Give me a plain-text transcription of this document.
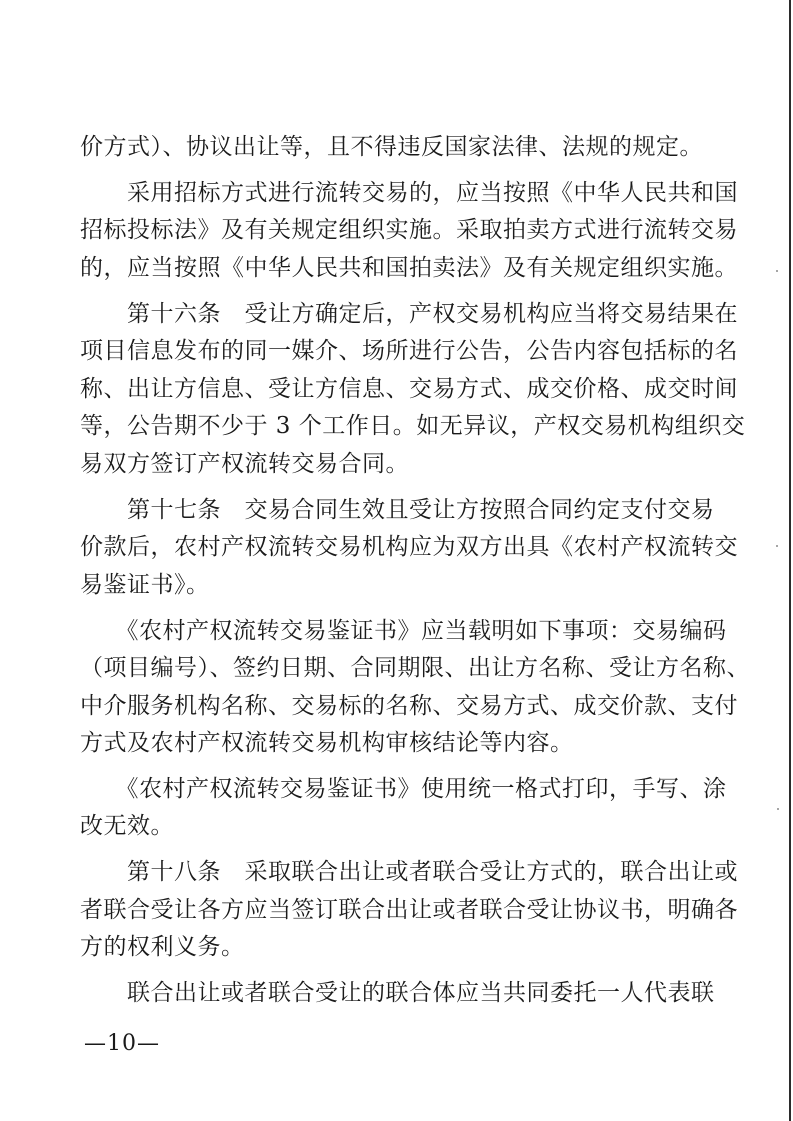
价方式）、协议出让等，且不得违反国家法律、法规的规定。
　　采用招标方式进行流转交易的，应当按照《中华人民共和国
招标投标法》及有关规定组织实施。采取拍卖方式进行流转交易
的，应当按照《中华人民共和国拍卖法》及有关规定组织实施。
　　第十六条　受让方确定后，产权交易机构应当将交易结果在
项目信息发布的同一媒介、场所进行公告，公告内容包括标的名
称、出让方信息、受让方信息、交易方式、成交价格、成交时间
等，公告期不少于 3 个工作日。如无异议，产权交易机构组织交
易双方签订产权流转交易合同。
　　第十七条　交易合同生效且受让方按照合同约定支付交易
价款后，农村产权流转交易机构应为双方出具《农村产权流转交
易鉴证书》。
　　《农村产权流转交易鉴证书》应当载明如下事项：交易编码
（项目编号）、签约日期、合同期限、出让方名称、受让方名称、
中介服务机构名称、交易标的名称、交易方式、成交价款、支付
方式及农村产权流转交易机构审核结论等内容。
　　《农村产权流转交易鉴证书》使用统一格式打印，手写、涂
改无效。
　　第十八条　采取联合出让或者联合受让方式的，联合出让或
者联合受让各方应当签订联合出让或者联合受让协议书，明确各
方的权利义务。
　　联合出让或者联合受让的联合体应当共同委托一人代表联
—10—
